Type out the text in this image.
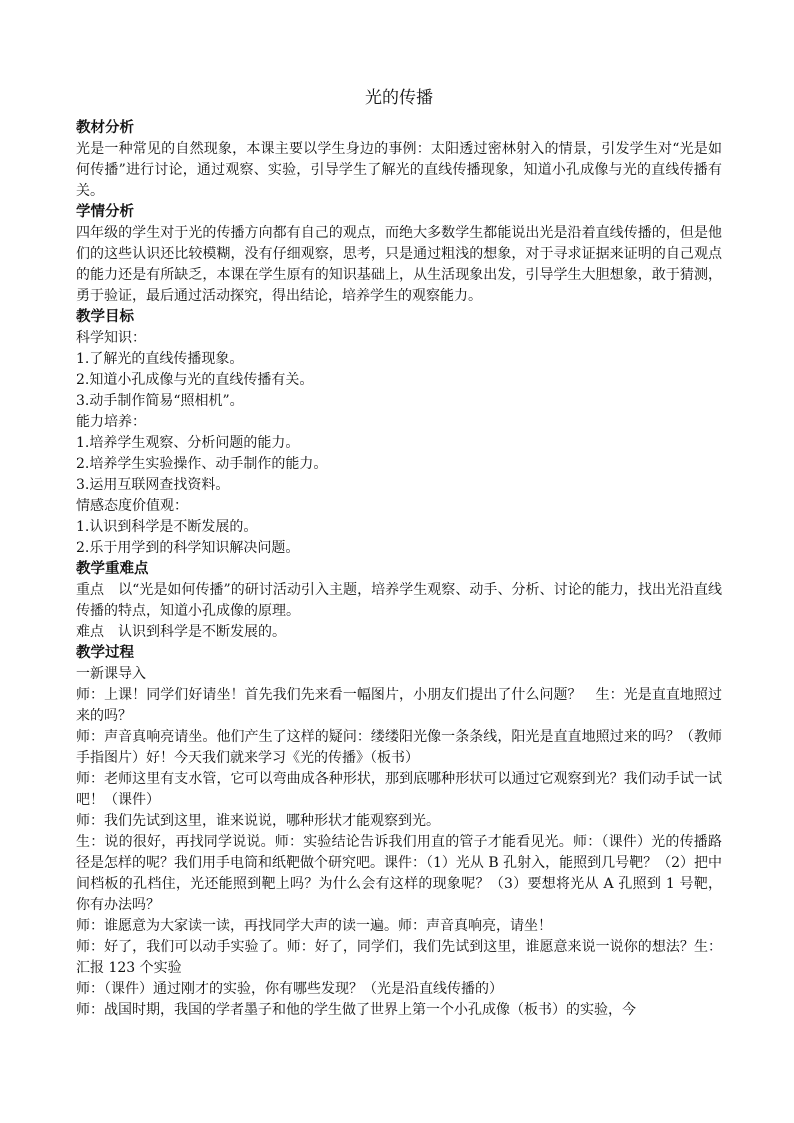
光的传播
教材分析

光是一种常见的自然现象，本课主要以学生身边的事例：太阳透过密林射入的情景，引发学生对“光是如何传播”进行讨论，通过观察、实验，引导学生了解光的直线传播现象，知道小孔成像与光的直线传播有关。

学情分析

四年级的学生对于光的传播方向都有自己的观点，而绝大多数学生都能说出光是沿着直线传播的，但是他们的这些认识还比较模糊，没有仔细观察，思考，只是通过粗浅的想象，对于寻求证据来证明的自己观点的能力还是有所缺乏，本课在学生原有的知识基础上，从生活现象出发，引导学生大胆想象，敢于猜测，勇于验证，最后通过活动探究，得出结论，培养学生的观察能力。

教学目标
科学知识：
1.了解光的直线传播现象。
2.知道小孔成像与光的直线传播有关。
3.动手制作简易“照相机”。
能力培养：
1.培养学生观察、分析问题的能力。
2.培养学生实验操作、动手制作的能力。
3.运用互联网查找资料。
情感态度价值观：
1.认识到科学是不断发展的。
2.乐于用学到的科学知识解决问题。
教学重难点

重点　以“光是如何传播”的研讨活动引入主题，培养学生观察、动手、分析、讨论的能力，找出光沿直线传播的特点，知道小孔成像的原理。

难点　认识到科学是不断发展的。

教学过程

一新课导入

师：上课！同学们好请坐！首先我们先来看一幅图片，小朋友们提出了什么问题？　生：光是直直地照过来的吗？

师：声音真响亮请坐。他们产生了这样的疑问：缕缕阳光像一条条线，阳光是直直地照过来的吗？（教师手指图片）好！今天我们就来学习《光的传播》（板书）

师：老师这里有支水管，它可以弯曲成各种形状，那到底哪种形状可以通过它观察到光？我们动手试一试吧！（课件）

师：我们先试到这里，谁来说说，哪种形状才能观察到光。

生：说的很好，再找同学说说。师：实验结论告诉我们用直的管子才能看见光。师：（课件）光的传播路径是怎样的呢？我们用手电筒和纸靶做个研究吧。课件：（1）光从 B 孔射入，能照到几号靶？（2）把中间档板的孔档住，光还能照到靶上吗？为什么会有这样的现象呢？（3）要想将光从 A 孔照到 1 号靶，你有办法吗？

师：谁愿意为大家读一读，再找同学大声的读一遍。师：声音真响亮，请坐！

师：好了，我们可以动手实验了。师：好了，同学们，我们先试到这里，谁愿意来说一说你的想法？生：汇报 123 个实验

师：（课件）通过刚才的实验，你有哪些发现？（光是沿直线传播的）

师：战国时期，我国的学者墨子和他的学生做了世界上第一个小孔成像（板书）的实验，今
